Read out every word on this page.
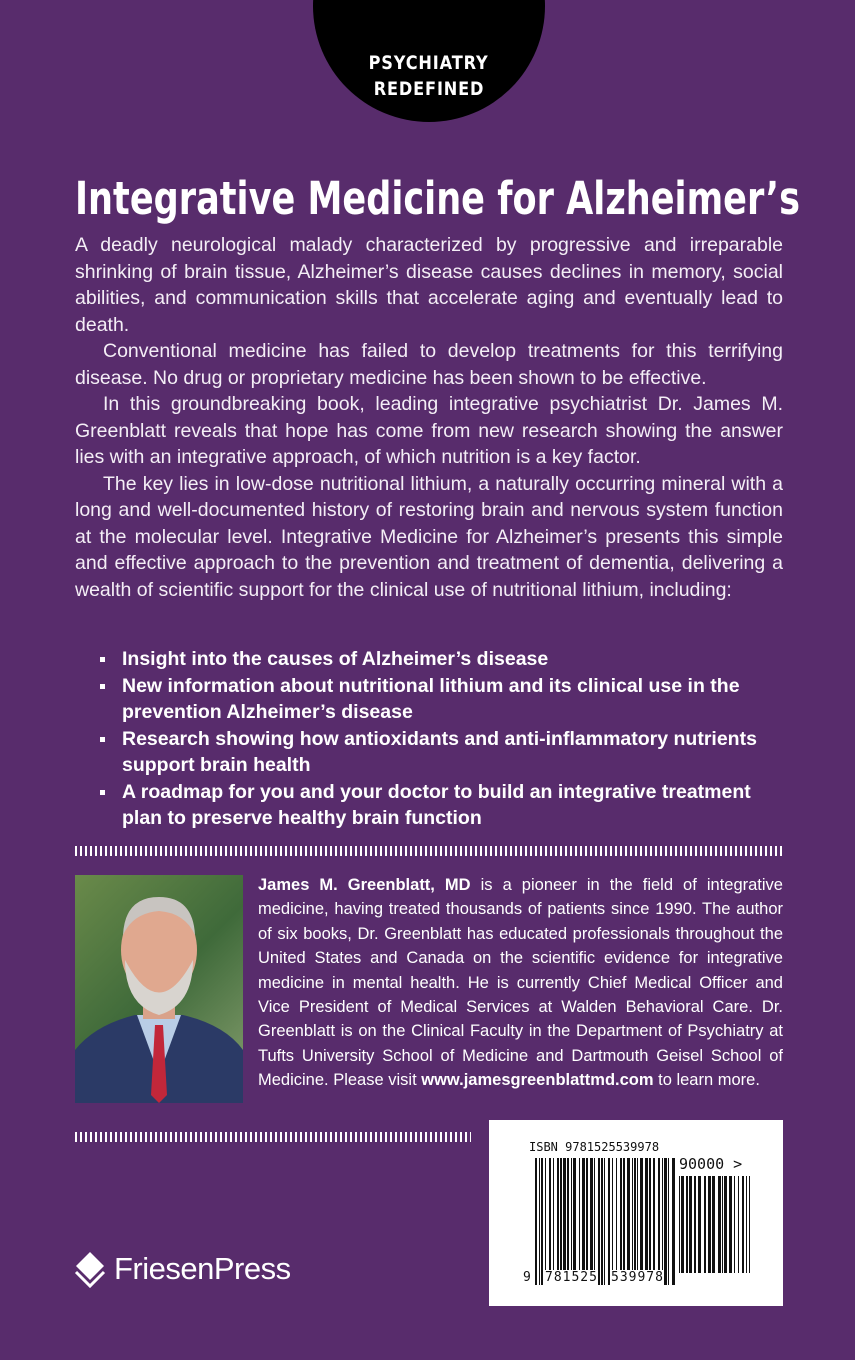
PSYCHIATRY
REDEFINED
Integrative Medicine for Alzheimer’s

A deadly neurological malady characterized by progressive and irreparable shrinking of brain tissue, Alzheimer’s disease causes declines in memory, social abilities, and communication skills that accelerate aging and eventually lead to death.

Conventional medicine has failed to develop treatments for this terrifying disease. No drug or proprietary medicine has been shown to be effective.

In this groundbreaking book, leading integrative psychiatrist Dr. James M. Greenblatt reveals that hope has come from new research showing the answer lies with an integrative approach, of which nutrition is a key factor.

The key lies in low-dose nutritional lithium, a naturally occurring mineral with a long and well-documented history of restoring brain and nervous system function at the molecular level. Integrative Medicine for Alzheimer’s presents this simple and effective approach to the prevention and treatment of dementia, delivering a wealth of scientific support for the clinical use of nutritional lithium, including:

Insight into the causes of Alzheimer’s disease
New information about nutritional lithium and its clinical use in the prevention Alzheimer’s disease
Research showing how antioxidants and anti-inflammatory nutrients support brain health
A roadmap for you and your doctor to build an integrative treatment plan to preserve healthy brain function
James M. Greenblatt, MD is a pioneer in the field of integrative medicine, having treated thousands of patients since 1990. The author of six books, Dr. Greenblatt has educated professionals throughout the United States and Canada on the scientific evidence for integrative medicine in mental health. He is currently Chief Medical Officer and Vice President of Medical Services at Walden Behavioral Care. Dr. Greenblatt is on the Clinical Faculty in the Department of Psychiatry at Tufts University School of Medicine and Dartmouth Geisel School of Medicine. Please visit www.jamesgreenblattmd.com to learn more.
ISBN 9781525539978
90000 >
9 781525 539978
FriesenPress
